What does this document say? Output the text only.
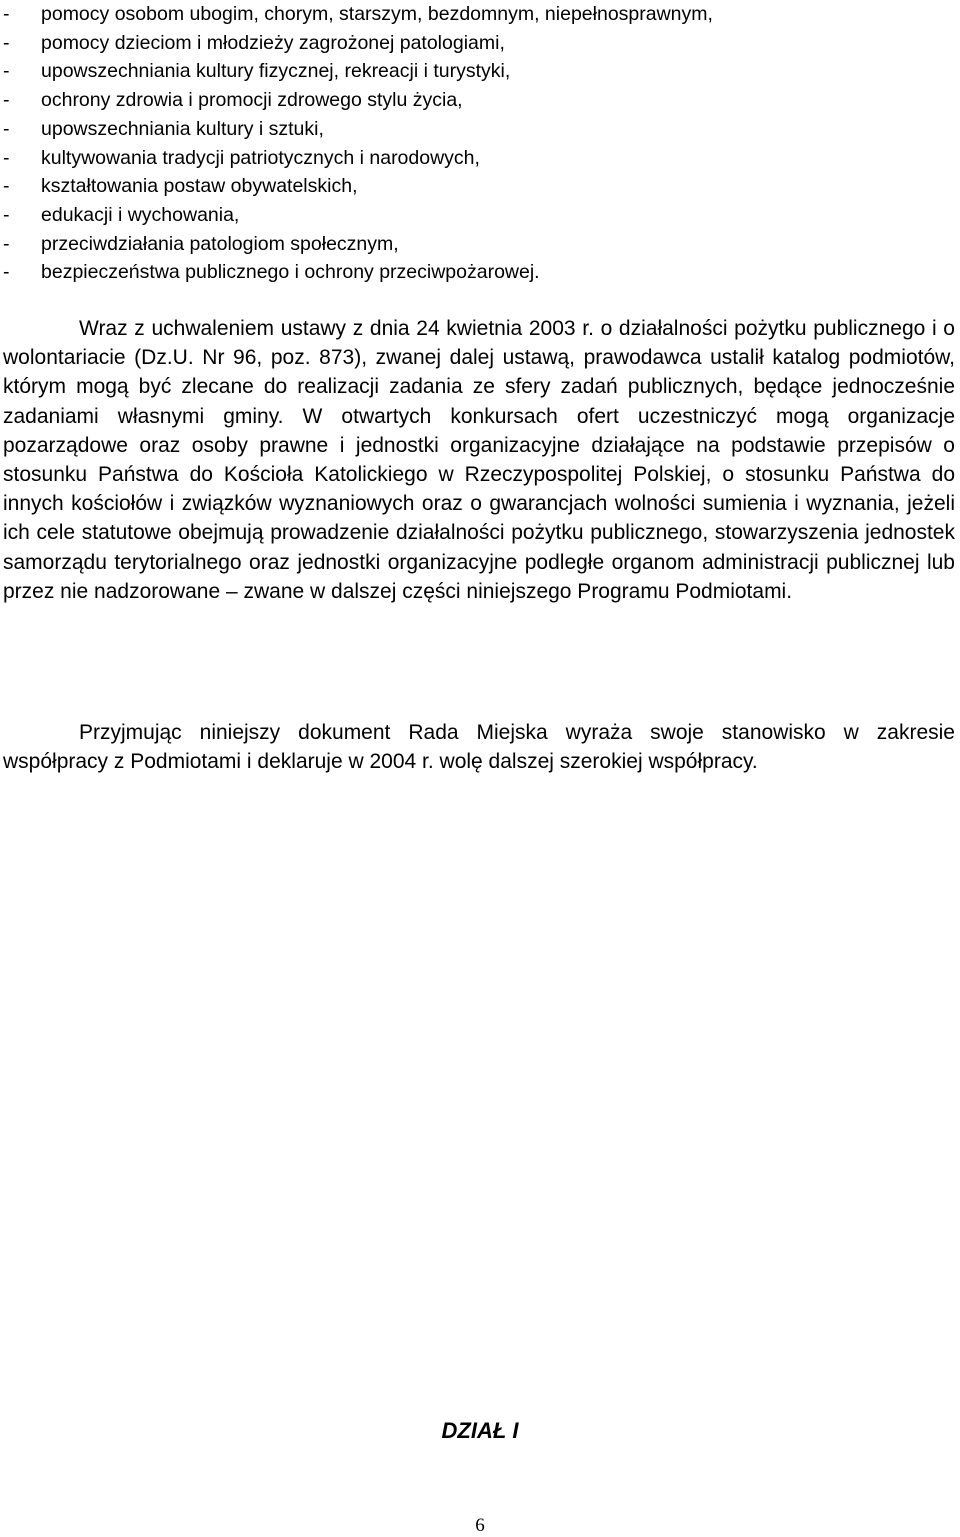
- pomocy osobom ubogim, chorym, starszym, bezdomnym, niepełnosprawnym,
- pomocy dzieciom i młodzieży zagrożonej patologiami,
- upowszechniania kultury fizycznej, rekreacji i turystyki,
- ochrony zdrowia i promocji zdrowego stylu życia,
- upowszechniania kultury i sztuki,
- kultywowania tradycji patriotycznych i narodowych,
- kształtowania postaw obywatelskich,
- edukacji i wychowania,
- przeciwdziałania patologiom społecznym,
- bezpieczeństwa publicznego i ochrony przeciwpożarowej.

Wraz z uchwaleniem ustawy z dnia 24 kwietnia 2003 r. o działalności pożytku publicznego i o wolontariacie (Dz.U. Nr 96, poz. 873), zwanej dalej ustawą, prawodawca ustalił katalog podmiotów, którym mogą być zlecane do realizacji zadania ze sfery zadań publicznych, będące jednocześnie zadaniami własnymi gminy. W otwartych konkursach ofert uczestniczyć mogą organizacje pozarządowe oraz osoby prawne i jednostki organizacyjne działające na podstawie przepisów o stosunku Państwa do Kościoła Katolickiego w Rzeczypospolitej Polskiej, o stosunku Państwa do innych kościołów i związków wyznaniowych oraz o gwarancjach wolności sumienia i wyznania, jeżeli ich cele statutowe obejmują prowadzenie działalności pożytku publicznego, stowarzyszenia jednostek samorządu terytorialnego oraz jednostki organizacyjne podległe organom administracji publicznej lub przez nie nadzorowane – zwane w dalszej części niniejszego Programu Podmiotami.

Przyjmując niniejszy dokument Rada Miejska wyraża swoje stanowisko w zakresie współpracy z Podmiotami i deklaruje w 2004 r. wolę dalszej szerokiej współpracy.

DZIAŁ I
6
